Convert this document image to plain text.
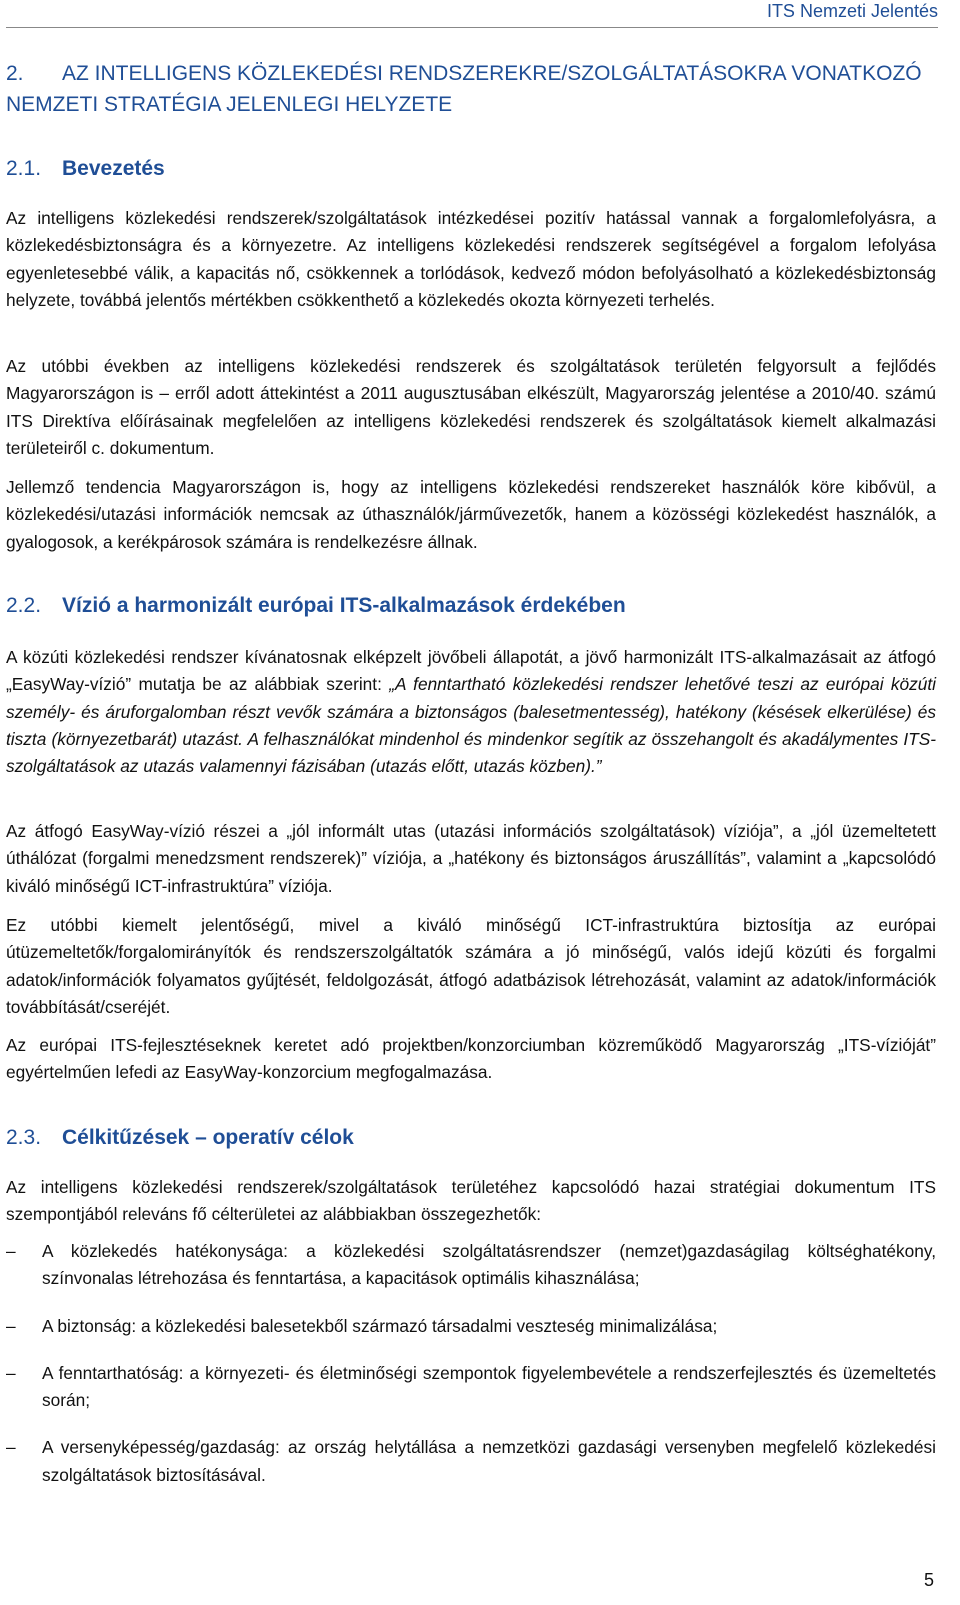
ITS Nemzeti Jelentés
2. AZ INTELLIGENS KÖZLEKEDÉSI RENDSZEREKRE/SZOLGÁLTATÁSOKRA VONATKOZÓ NEMZETI STRATÉGIA JELENLEGI HELYZETE
2.1. Bevezetés

Az intelligens közlekedési rendszerek/szolgáltatások intézkedései pozitív hatással vannak a forgalomlefolyásra, a közlekedésbiztonságra és a környezetre. Az intelligens közlekedési rendszerek segítségével a forgalom lefolyása egyenletesebbé válik, a kapacitás nő, csökkennek a torlódások, kedvező módon befolyásolható a közlekedésbiztonság helyzete, továbbá jelentős mértékben csökkenthető a közlekedés okozta környezeti terhelés.

Az utóbbi években az intelligens közlekedési rendszerek és szolgáltatások területén felgyorsult a fejlődés Magyarországon is – erről adott áttekintést a 2011 augusztusában elkészült, Magyarország jelentése a 2010/40. számú ITS Direktíva előírásainak megfelelően az intelligens közlekedési rendszerek és szolgáltatások kiemelt alkalmazási területeiről c. dokumentum.

Jellemző tendencia Magyarországon is, hogy az intelligens közlekedési rendszereket használók köre kibővül, a közlekedési/utazási információk nemcsak az úthasználók/járművezetők, hanem a közösségi közlekedést használók, a gyalogosok, a kerékpárosok számára is rendelkezésre állnak.

2.2. Vízió a harmonizált európai ITS-alkalmazások érdekében

A közúti közlekedési rendszer kívánatosnak elképzelt jövőbeli állapotát, a jövő harmonizált ITS-alkalmazásait az átfogó „EasyWay-vízió” mutatja be az alábbiak szerint: „A fenntartható közlekedési rendszer lehetővé teszi az európai közúti személy- és áruforgalomban részt vevők számára a biztonságos (balesetmentesség), hatékony (késések elkerülése) és tiszta (környezetbarát) utazást. A felhasználókat mindenhol és mindenkor segítik az összehangolt és akadálymentes ITS-szolgáltatások az utazás valamennyi fázisában (utazás előtt, utazás közben).”

Az átfogó EasyWay-vízió részei a „jól informált utas (utazási információs szolgáltatások) víziója”, a „jól üzemeltetett úthálózat (forgalmi menedzsment rendszerek)” víziója, a „hatékony és biztonságos áruszállítás”, valamint a „kapcsolódó kiváló minőségű ICT-infrastruktúra” víziója.

Ez utóbbi kiemelt jelentőségű, mivel a kiváló minőségű ICT-infrastruktúra biztosítja az európai útüzemeltetők/forgalomirányítók és rendszerszolgáltatók számára a jó minőségű, valós idejű közúti és forgalmi adatok/információk folyamatos gyűjtését, feldolgozását, átfogó adatbázisok létrehozását, valamint az adatok/információk továbbítását/cseréjét.

Az európai ITS-fejlesztéseknek keretet adó projektben/konzorciumban közreműködő Magyarország „ITS-vízióját” egyértelműen lefedi az EasyWay-konzorcium megfogalmazása.

2.3. Célkitűzések – operatív célok

Az intelligens közlekedési rendszerek/szolgáltatások területéhez kapcsolódó hazai stratégiai dokumentum ITS szempontjából releváns fő célterületei az alábbiakban összegezhetők:

– A közlekedés hatékonysága: a közlekedési szolgáltatásrendszer (nemzet)gazdaságilag költséghatékony, színvonalas létrehozása és fenntartása, a kapacitások optimális kihasználása;
– A biztonság: a közlekedési balesetekből származó társadalmi veszteség minimalizálása;
– A fenntarthatóság: a környezeti- és életminőségi szempontok figyelembevétele a rendszerfejlesztés és üzemeltetés során;
– A versenyképesség/gazdaság: az ország helytállása a nemzetközi gazdasági versenyben megfelelő közlekedési szolgáltatások biztosításával.
5
